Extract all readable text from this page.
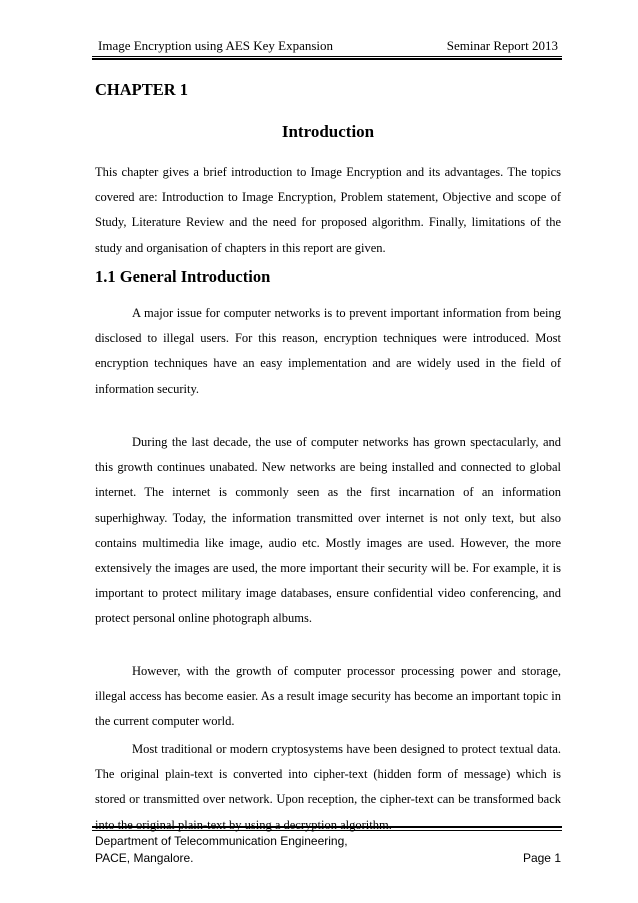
Image Encryption using AES Key Expansion	Seminar Report 2013
CHAPTER 1
Introduction

This chapter gives a brief introduction to Image Encryption and its advantages. The topics covered are: Introduction to Image Encryption, Problem statement, Objective and scope of Study, Literature Review and the need for proposed algorithm. Finally, limitations of the study and organisation of chapters in this report are given.

1.1 General Introduction

A major issue for computer networks is to prevent important information from being disclosed to illegal users. For this reason, encryption techniques were introduced. Most encryption techniques have an easy implementation and are widely used in the field of information security.

During the last decade, the use of computer networks has grown spectacularly, and this growth continues unabated. New networks are being installed and connected to global internet. The internet is commonly seen as the first incarnation of an information superhighway. Today, the information transmitted over internet is not only text, but also contains multimedia like image, audio etc. Mostly images are used. However, the more extensively the images are used, the more important their security will be. For example, it is important to protect military image databases, ensure confidential video conferencing, and protect personal online photograph albums.

However, with the growth of computer processor processing power and storage, illegal access has become easier. As a result image security has become an important topic in the current computer world.

Most traditional or modern cryptosystems have been designed to protect textual data. The original plain-text is converted into cipher-text (hidden form of message) which is stored or transmitted over network. Upon reception, the cipher-text can be transformed back into the original plain-text by using a decryption algorithm.

Department of Telecommunication Engineering,
PACE, Mangalore.	Page 1
